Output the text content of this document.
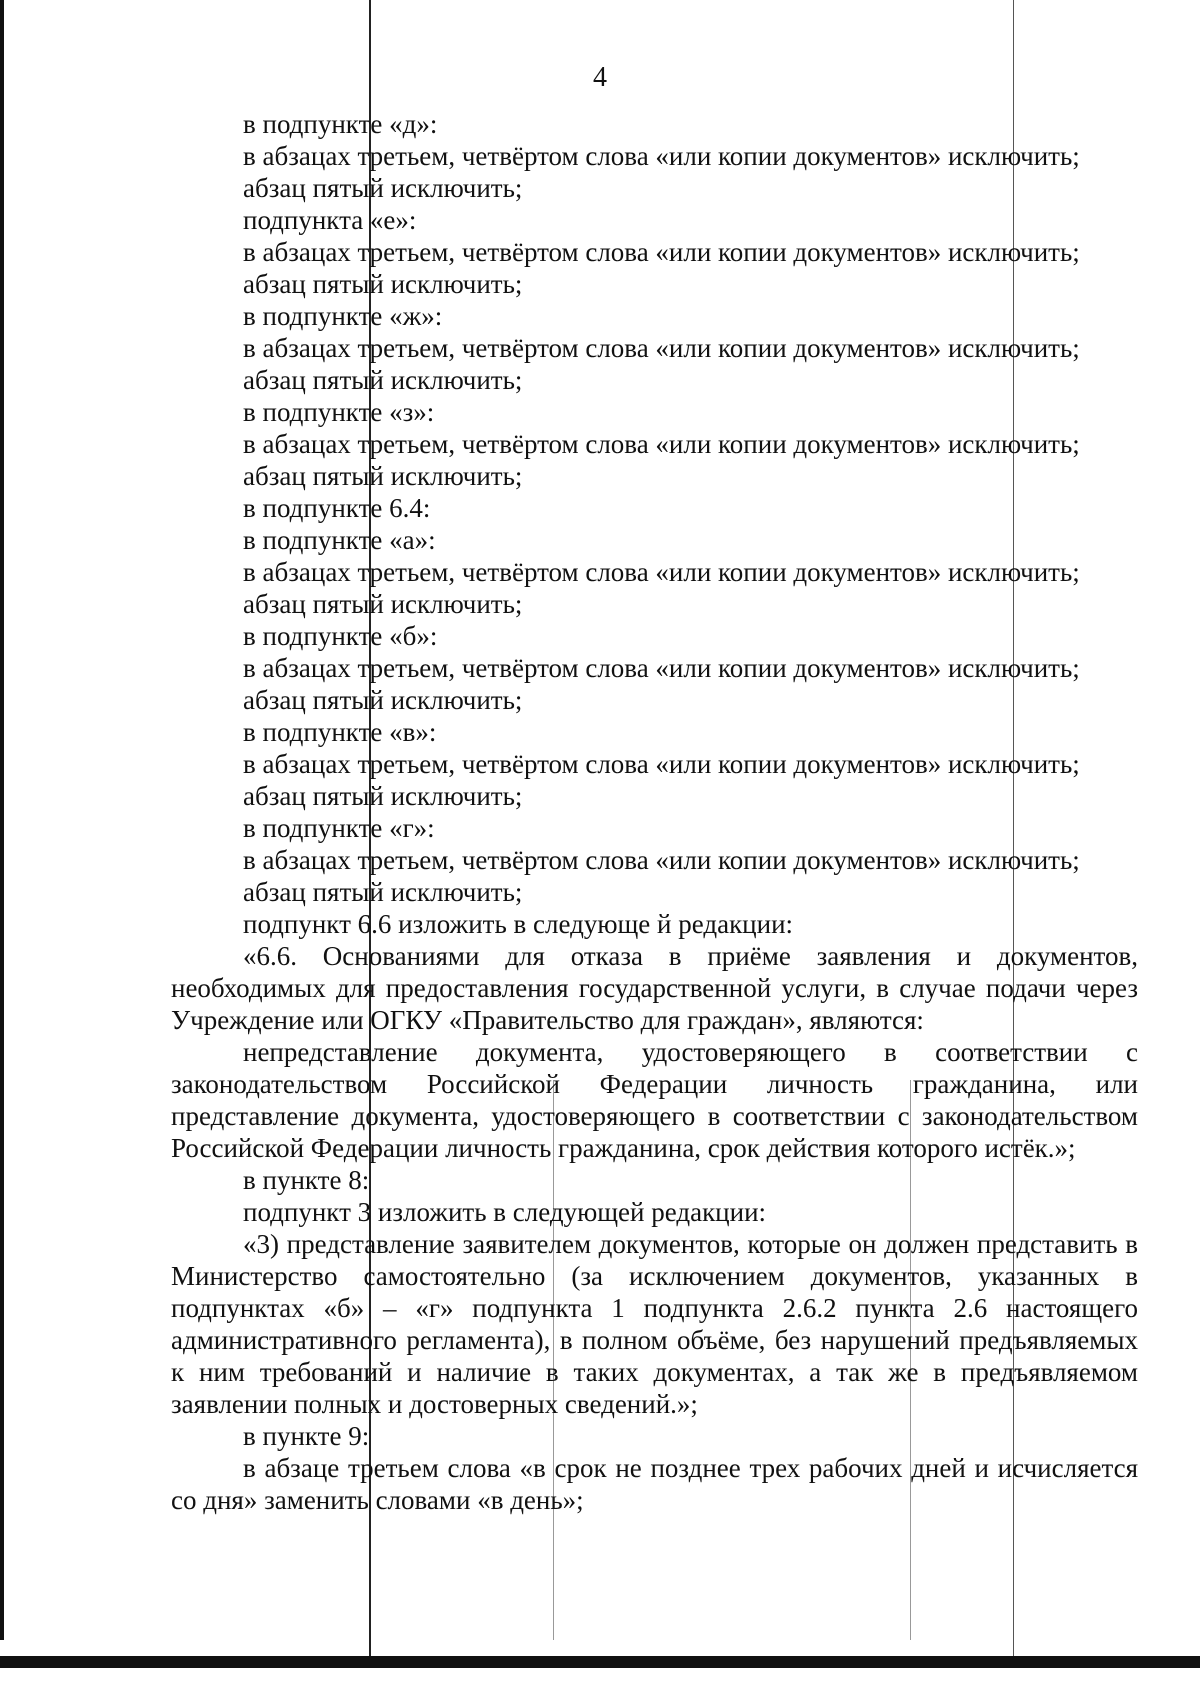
4
в подпункте «д»:
в абзацах третьем, четвёртом слова «или копии документов» исключить;
абзац пятый исключить;
подпункта «е»:
в абзацах третьем, четвёртом слова «или копии документов» исключить;
абзац пятый исключить;
в подпункте «ж»:
в абзацах третьем, четвёртом слова «или копии документов» исключить;
абзац пятый исключить;
в подпункте «з»:
в абзацах третьем, четвёртом слова «или копии документов» исключить;
абзац пятый исключить;
в подпункте 6.4:
в подпункте «а»:
в абзацах третьем, четвёртом слова «или копии документов» исключить;
абзац пятый исключить;
в подпункте «б»:
в абзацах третьем, четвёртом слова «или копии документов» исключить;
абзац пятый исключить;
в подпункте «в»:
в абзацах третьем, четвёртом слова «или копии документов» исключить;
абзац пятый исключить;
в подпункте «г»:
в абзацах третьем, четвёртом слова «или копии документов» исключить;
абзац пятый исключить;
подпункт 6.6 изложить в следующе й редакции:
«6.6. Основаниями для отказа в приёме заявления и документов, необходимых для предоставления государственной услуги, в случае подачи через Учреждение или ОГКУ «Правительство для граждан», являются:
непредставление документа, удостоверяющего в соответствии с законодательством Российской Федерации личность гражданина, или представление документа, удостоверяющего в соответствии с законодательством Российской Федерации личность гражданина, срок действия которого истёк.»;
в пункте 8:
подпункт 3 изложить в следующей редакции:
«3) представление заявителем документов, которые он должен представить в Министерство самостоятельно (за исключением документов, указанных в подпунктах «б» – «г» подпункта 1 подпункта 2.6.2 пункта 2.6 настоящего административного регламента), в полном объёме, без нарушений предъявляемых к ним требований и наличие в таких документах, а так же в предъявляемом заявлении полных и достоверных сведений.»;
в пункте 9:
в абзаце третьем слова «в срок не позднее трех рабочих дней и исчисляется со дня» заменить словами «в день»;
